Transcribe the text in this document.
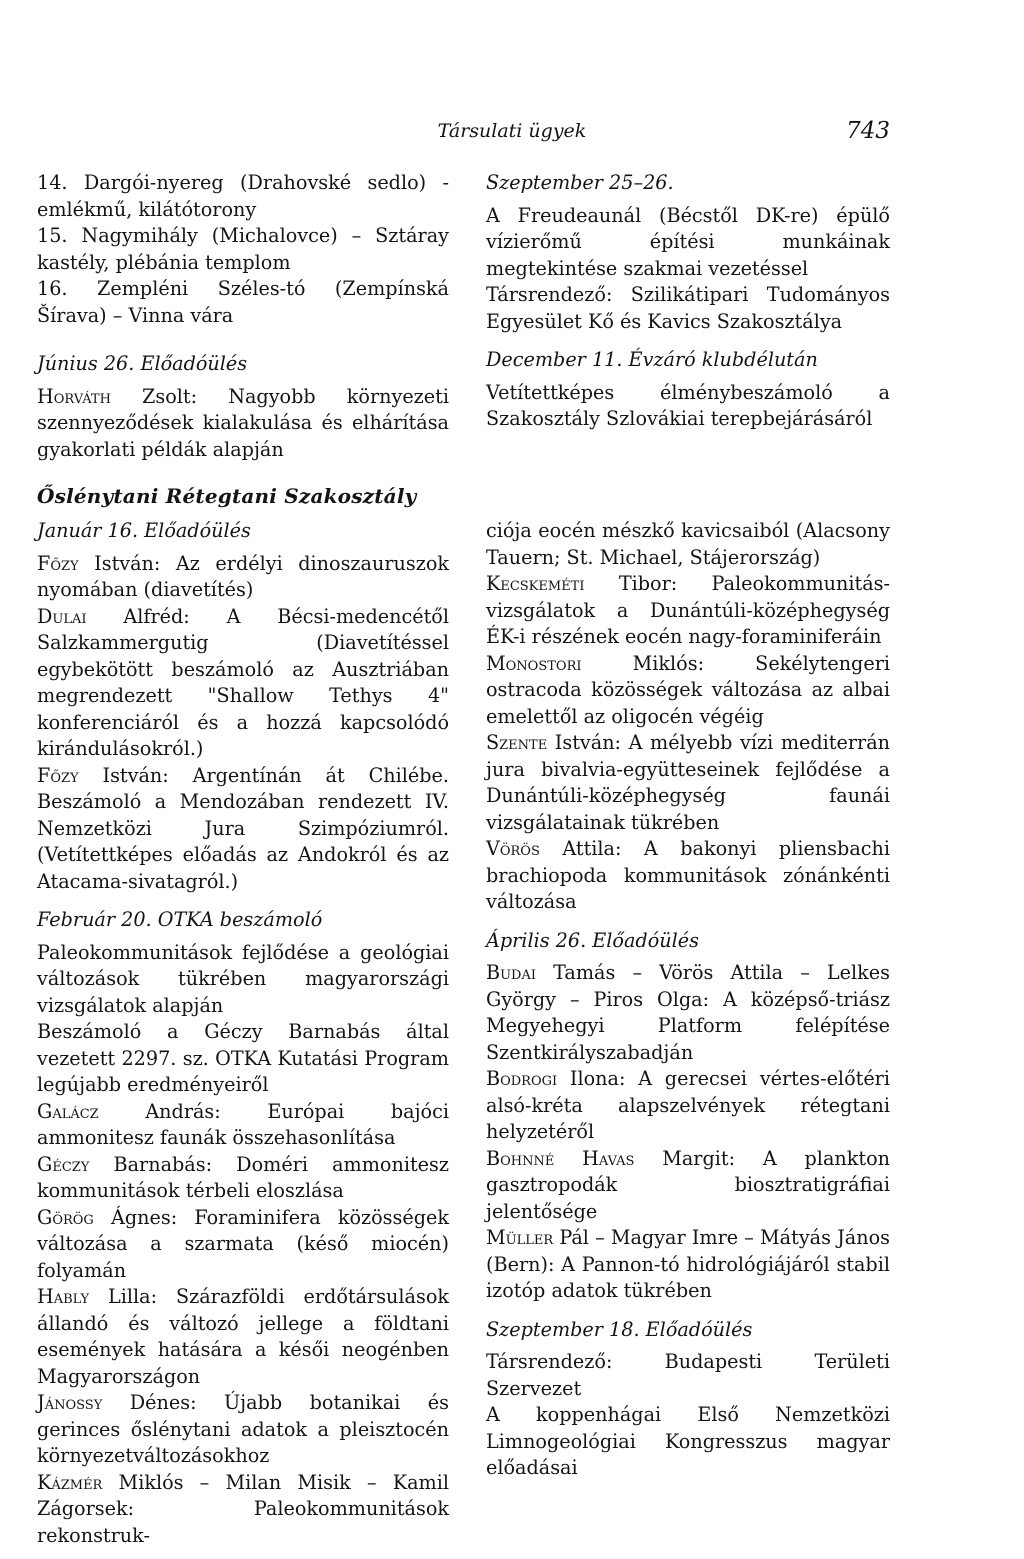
Társulati ügyek	743

14. Dargói-nyereg (Drahovské sedlo) - emlékmű, kilátótorony

15. Nagymihály (Michalovce) – Sztáray kastély, plébánia templom

16. Zempléni Széles-tó (Zempínská Šírava) – Vinna vára

Június 26. Előadóülés

Horváth Zsolt: Nagyobb környezeti szennyeződések kialakulása és elhárítása gyakorlati példák alapján

Szeptember 25–26.

A Freudeaunál (Bécstől DK-re) épülő vízierőmű építési munkáinak megtekintése szakmai vezetéssel

Társrendező: Szilikátipari Tudományos Egyesület Kő és Kavics Szakosztálya

December 11. Évzáró klubdélután

Vetítettképes élménybeszámoló a Szakosztály Szlovákiai terepbejárásáról

Őslénytani Rétegtani Szakosztály

Január 16. Előadóülés

Főzy István: Az erdélyi dinoszauruszok nyomában (diavetítés)

Dulai Alfréd: A Bécsi-medencétől Salzkammergutig (Diavetítéssel egybekötött beszámoló az Ausztriában megrendezett "Shallow Tethys 4" konferenciáról és a hozzá kapcsolódó kirándulásokról.)

Főzy István: Argentínán át Chilébe. Beszámoló a Mendozában rendezett IV. Nemzetközi Jura Szimpóziumról. (Vetítettképes előadás az Andokról és az Atacama-sivatagról.)

Február 20. OTKA beszámoló

Paleokommunitások fejlődése a geológiai változások tükrében magyarországi vizsgálatok alapján

Beszámoló a Géczy Barnabás által vezetett 2297. sz. OTKA Kutatási Program legújabb eredményeiről

Galácz András: Európai bajóci ammonitesz faunák összehasonlítása

Géczy Barnabás: Doméri ammonitesz kommunitások térbeli eloszlása

Görög Ágnes: Foraminifera közösségek változása a szarmata (késő miocén) folyamán

Hably Lilla: Szárazföldi erdőtársulások állandó és változó jellege a földtani események hatására a késői neogénben Magyarországon

Jánossy Dénes: Újabb botanikai és gerinces őslénytani adatok a pleisztocén környezetváltozásokhoz

Kázmér Miklós – Milan Misik – Kamil Zágorsek: Paleokommunitások rekonstruk-

ciója eocén mészkő kavicsaiból (Alacsony Tauern; St. Michael, Stájerország)

Kecskeméti Tibor: Paleokommunitás-vizsgálatok a Dunántúli-középhegység ÉK-i részének eocén nagy-foraminiferáin

Monostori Miklós: Sekélytengeri ostracoda közösségek változása az albai emelettől az oligocén végéig

Szente István: A mélyebb vízi mediterrán jura bivalvia-együtteseinek fejlődése a Dunántúli-középhegység faunái vizsgálatainak tükrében

Vörös Attila: A bakonyi pliensbachi brachiopoda kommunitások zónánkénti változása

Április 26. Előadóülés

Budai Tamás – Vörös Attila – Lelkes György – Piros Olga: A középső-triász Megyehegyi Platform felépítése Szentkirályszabadján

Bodrogi Ilona: A gerecsei vértes-előtéri alsó-kréta alapszelvények rétegtani helyzetéről

Bohnné Havas Margit: A plankton gasztropodák biosztratigráfiai jelentősége

Müller Pál – Magyar Imre – Mátyás János (Bern): A Pannon-tó hidrológiájáról stabil izotóp adatok tükrében

Szeptember 18. Előadóülés

Társrendező: Budapesti Területi Szervezet

A koppenhágai Első Nemzetközi Limnogeológiai Kongresszus magyar előadásai
